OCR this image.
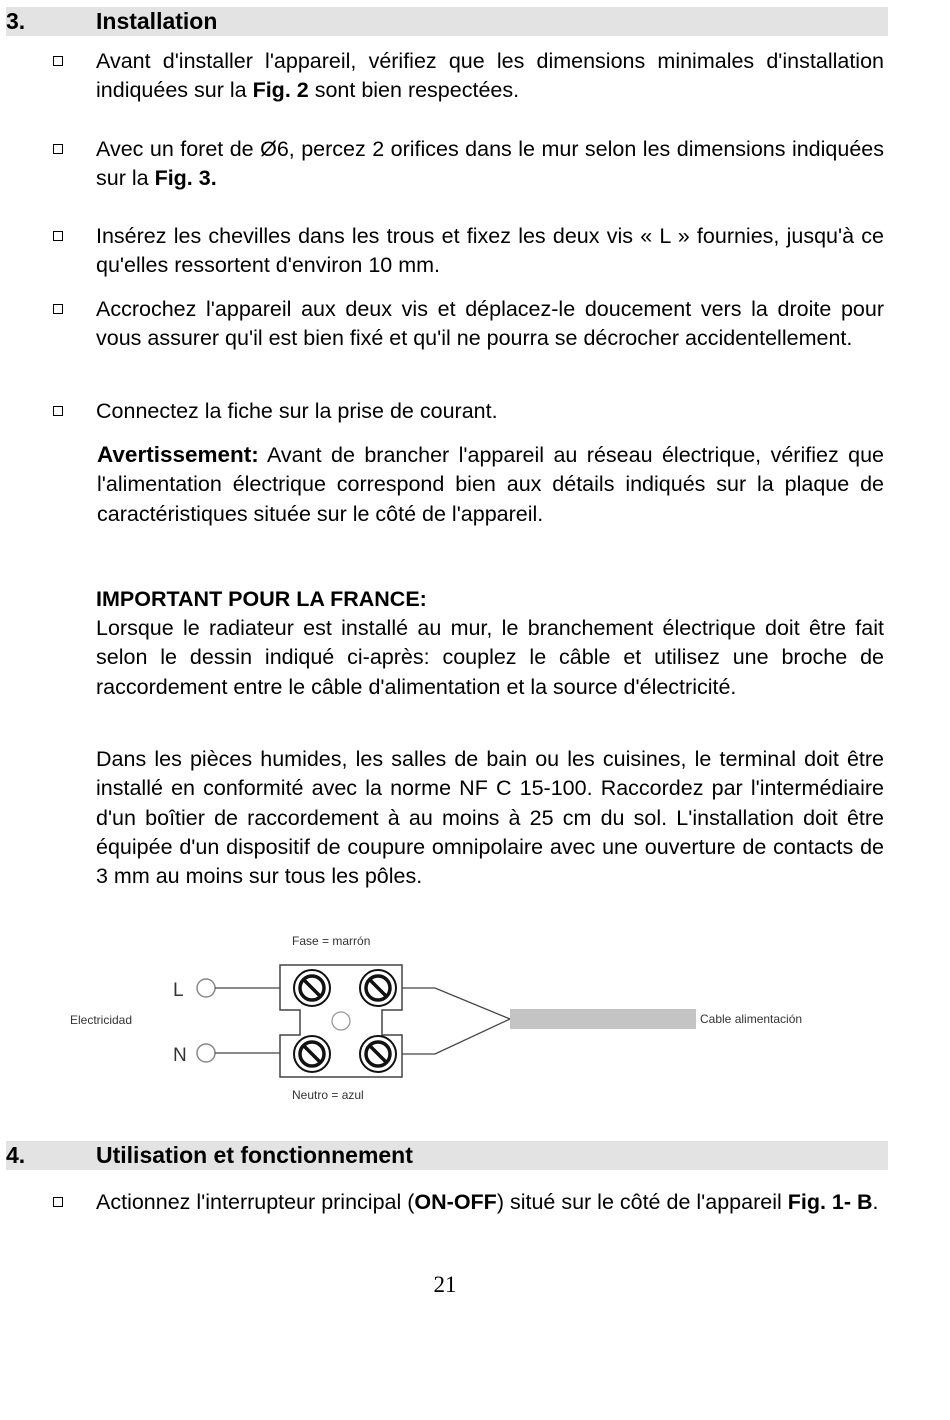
3.	Installation
Avant d'installer l'appareil, vérifiez que les dimensions minimales d'installation indiquées sur la Fig. 2 sont bien respectées.
Avec un foret de Ø6, percez 2 orifices dans le mur selon les dimensions indiquées sur la Fig. 3.
Insérez les chevilles dans les trous et fixez les deux vis « L » fournies, jusqu'à ce qu'elles ressortent d'environ 10 mm.
Accrochez l'appareil aux deux vis et déplacez-le doucement vers la droite pour vous assurer qu'il est bien fixé et qu'il ne pourra se décrocher accidentellement.
Connectez la fiche sur la prise de courant.
Avertissement: Avant de brancher l'appareil au réseau électrique, vérifiez que l'alimentation électrique correspond bien aux détails indiqués sur la plaque de caractéristiques située sur le côté de l'appareil.
IMPORTANT POUR LA FRANCE:
Lorsque le radiateur est installé au mur, le branchement électrique doit être fait selon le dessin indiqué ci-après: couplez le câble et utilisez une broche de raccordement entre le câble d'alimentation et la source d'électricité.
Dans les pièces humides, les salles de bain ou les cuisines, le terminal doit être installé en conformité avec la norme NF C 15-100. Raccordez par l'intermédiaire d'un boîtier de raccordement à au moins à 25 cm du sol. L'installation doit être équipée d'un dispositif de coupure omnipolaire avec une ouverture de contacts de 3 mm au moins sur tous les pôles.
Fase = marrón
Neutro = azul
Electricidad	Cable alimentación
L
N
4.	Utilisation et fonctionnement
Actionnez l'interrupteur principal (ON-OFF) situé sur le côté de l'appareil Fig. 1- B.
21
